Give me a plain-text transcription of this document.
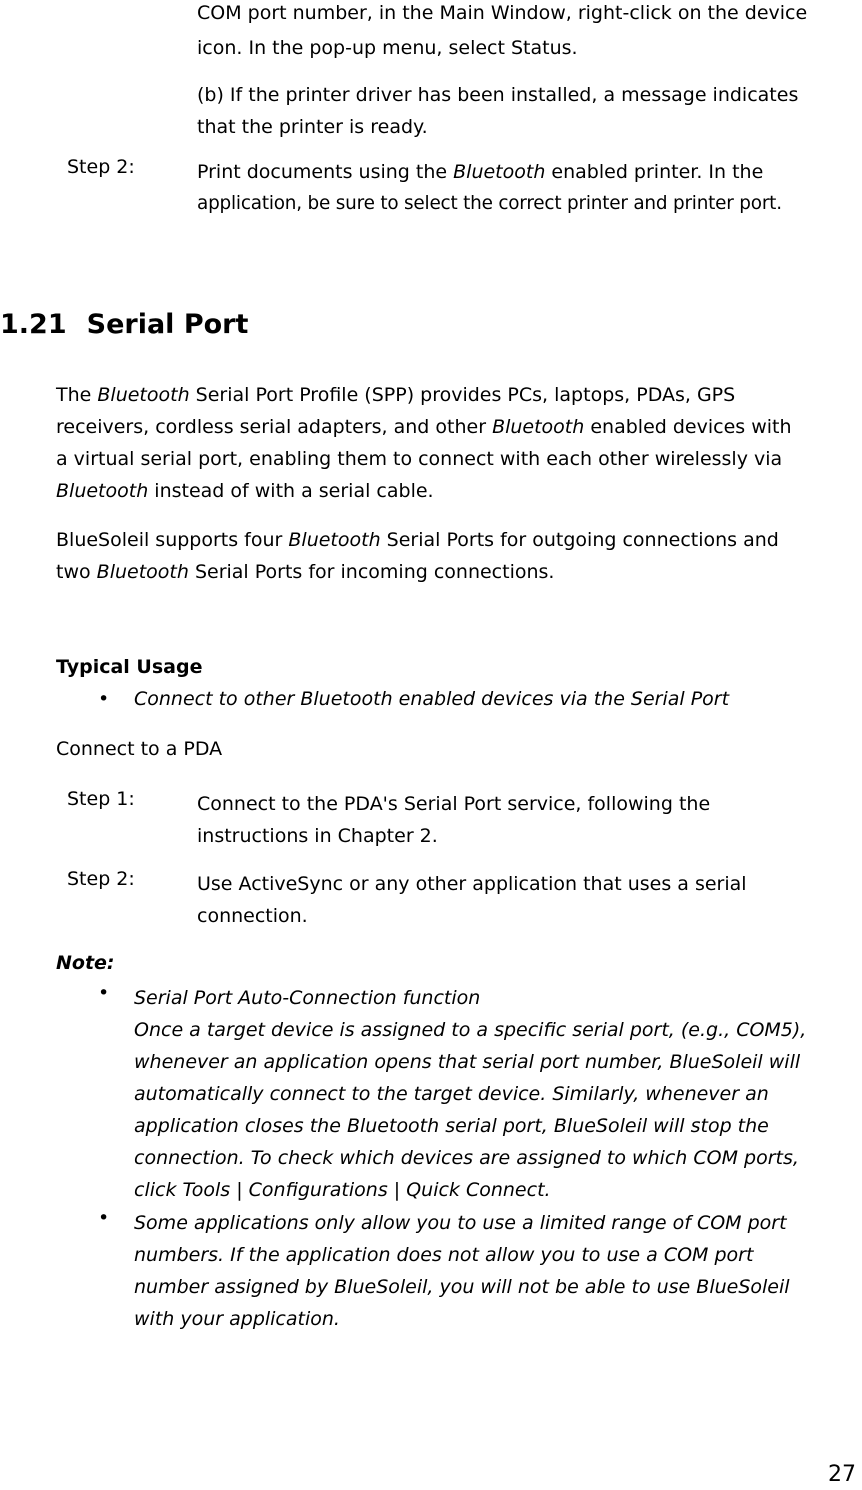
COM port number, in the Main Window, right-click on the device
icon. In the pop-up menu, select Status.
(b) If the printer driver has been installed, a message indicates
that the printer is ready.
Step 2:	Print documents using the Bluetooth enabled printer. In the
application, be sure to select the correct printer and printer port.
1.21 Serial Port
The Bluetooth Serial Port Profile (SPP) provides PCs, laptops, PDAs, GPS
receivers, cordless serial adapters, and other Bluetooth enabled devices with
a virtual serial port, enabling them to connect with each other wirelessly via
Bluetooth instead of with a serial cable.
BlueSoleil supports four Bluetooth Serial Ports for outgoing connections and
two Bluetooth Serial Ports for incoming connections.
Typical Usage
• Connect to other Bluetooth enabled devices via the Serial Port
Connect to a PDA
Step 1:	Connect to the PDA's Serial Port service, following the
instructions in Chapter 2.
Step 2:	Use ActiveSync or any other application that uses a serial
connection.
Note:
• Serial Port Auto-Connection function
Once a target device is assigned to a specific serial port, (e.g., COM5),
whenever an application opens that serial port number, BlueSoleil will
automatically connect to the target device. Similarly, whenever an
application closes the Bluetooth serial port, BlueSoleil will stop the
connection. To check which devices are assigned to which COM ports,
click Tools | Configurations | Quick Connect.
• Some applications only allow you to use a limited range of COM port
numbers. If the application does not allow you to use a COM port
number assigned by BlueSoleil, you will not be able to use BlueSoleil
with your application.
27
